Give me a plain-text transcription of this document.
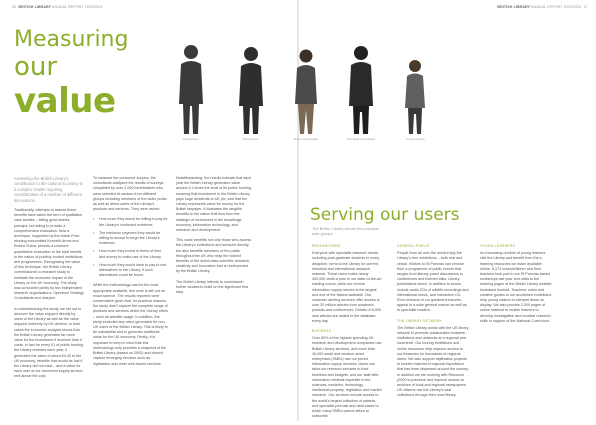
26 BRITISH LIBRARY ANNUAL REPORT 2003/2004
Measuring
our
value

Assessing the British Library's contribution to the cultural economy is a complex matter requiring consideration of a number of different dimensions.

Traditionally, attempts to assess these benefits have taken the form of qualitative case studies – telling good stories, perhaps, but failing to provide a comprehensive evaluation. Now a technique, supported by the Nobel Prize winning economists Kenneth Arrow and Robert Solow, permits a coherent quantitative evaluation of the total benefit to the nation of publicly funded institutions and programmes. Recognising the value of this technique, the British Library commissioned a research study to estimate the economic impact of the Library on the UK economy. The study was conducted jointly by two independent research organisations, Spectrum Strategy Consultants and Indepen.

In commissioning the study, we set out to discover the value enjoyed directly by users of the Library as well as the value enjoyed indirectly by UK citizens. In both cases the economic analysis shows that the British Library generates far more value for the investment it receives than it costs. In fact for every £1 of public funding the Library receives each year, it generates the value of about £4.40 to the UK economy, benefits that would be lost if the Library did not exist – and a value for each user of our document supply service, well above the cost.

To measure the consumer surplus, the consultants analysed the results of surveys completed by over 2,000 beneficiaries who were selected at random from different groups including members of the wider public as well as direct users of the Library's products and services. They were asked:

• How much they would be willing to pay for the Library's continued existence.
• The minimum payment they would be willing to accept to forgo the Library's existence.
• How much they invest in terms of time and money to make use of the Library.
• How much they would have to pay to use alternatives to the Library, if such alternatives could be found.

While the methodology used is the most appropriate available, this work is still not an exact science. The results reported were conservative given that, for practical reasons, the study didn't capture the complete range of products and services which the Library offers – such as website usage. In addition, the study excluded any value generated for non-UK users of the British Library. This is likely to be substantial and to generate additional value for the UK economy. Finally, it is important to keep in mind that this methodology only provides a snapshot of the British Library (based on 2003) and doesn't capture emerging services such as digitisation and other web-based services.

Notwithstanding, the results indicate that each year the British Library generates value around 4.4 times the level of its public funding, meaning that investment in the British Library pays huge dividends to UK plc, and that the Library represents value for money for the British taxpayer. It illustrates the tangible benefits to the nation that flow from the strategic of investment in the knowledge economy, information technology, and research and development.

This value benefits not only those who access the Library's collections and services directly, but also benefits members of the public throughout the UK who reap the indirect benefits of the world-class scientific research, creativity and innovation that is underpinned by the British Library.

The British Library intends to commission further studies to build on the significant first step.

Researcher	Researcher	Visitor and Reader	Life Science Network	Young Learner
BRITISH LIBRARY ANNUAL REPORT 2003/2004 27
Serving our users
The British Library serves five principal user groups
RESEARCHERS

Everyone with specialist research needs, including post-graduate students in every discipline, turns to the Library for current, historical and international research material. These users make nearly 400,000 visits a year to our state-of-the-art reading rooms, while our remote information supply service is the largest and one of the fastest available. Our customer alerting services offer access to over 20 million articles from academic journals and conferences. Details of 8,000 new articles are added to the database every day.

BUSINESS

Over 80% of the highest spending UK research and development companies use British Library services, and more than 16,000 small and medium-sized enterprises (SMEs) use our priced information supply services. Users can tailor our research services to their timelines and budgets, and our staff offer information retrieval expertise in the sciences, medicine, technology, intellectual property, legislation and market research. Our services include access to the world's largest collection of patents, and specialist journals and data bases to which many SMEs cannot afford to subscribe.

GENERAL PUBLIC

People from all over the world enjoy the Library's free exhibitions – both real and virtual. Visitors to St Pancras can choose from a programme of public events that ranges from literary panel discussions to conferences and themed talks. Library publications which, in addition to books, include audio CDs of wildlife recordings and international music, and interactive CD-Rom versions of our greatest treasures, appeal to a wide general market as well as to specialist readers.

THE LIBRARY NETWORK

The British Library works with the UK library network to promote collaboration between institutions and networks at a regional and local level. Our touring exhibitions and online resources help improve access to our treasures for thousands of regional users. We also support digitisation projects to reunite material of regional importance that has been dispersed around the country. In addition we are working with Resource (2000 to preserve and improve access to archives of local and regional newspapers. UK citizens use the Library's vast collections through their local library.

YOUNG LEARNERS

An increasing number of young learners visit the Library and benefit from the e-learning resources we make available online. 8,173 schoolchildren and their teachers took part in our St Pancras based workshops last year and visits to the learning pages of the British Library website increased fourfold. Teachers' notes and creative guides to our acclaimed exhibitions help young visitors to interpret items on display. We also provide 2,000 pages of online material to enable learners to develop investigative and creative research skills in support of the National Curriculum.
